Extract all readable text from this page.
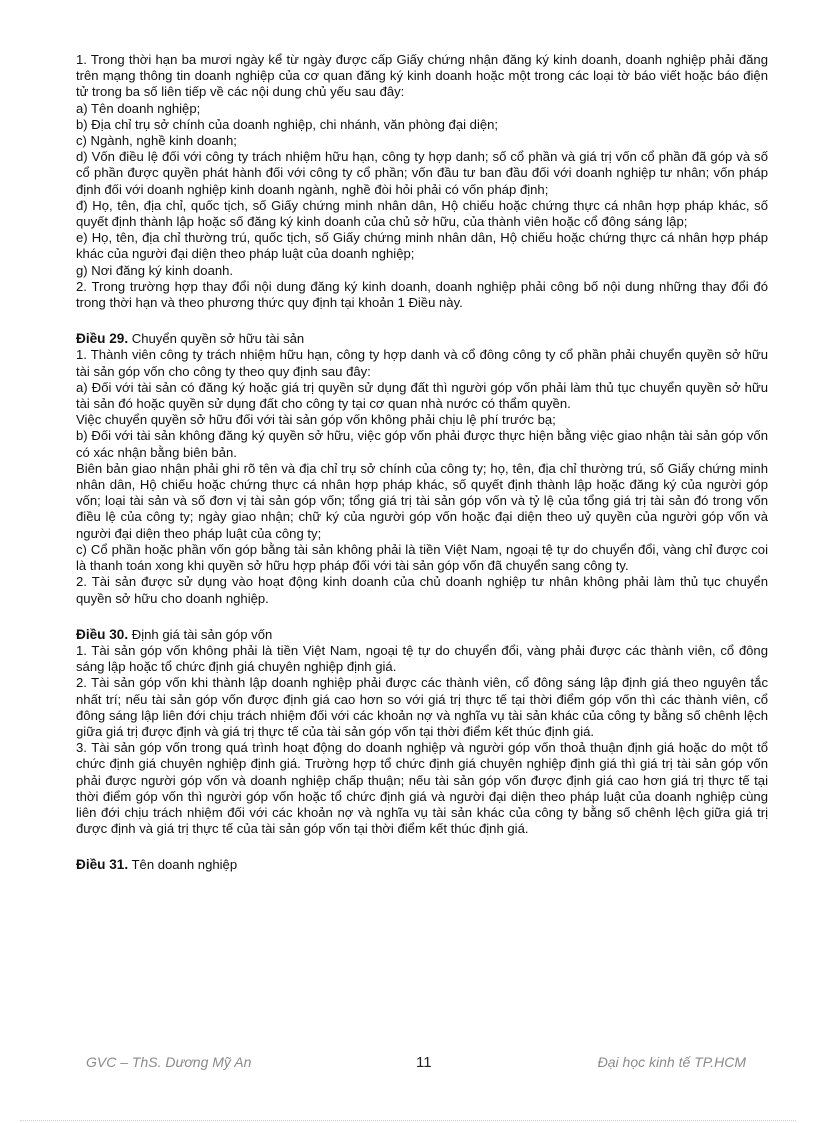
1. Trong thời hạn ba mươi ngày kể từ ngày được cấp Giấy chứng nhận đăng ký kinh doanh, doanh nghiệp phải đăng trên mạng thông tin doanh nghiệp của cơ quan đăng ký kinh doanh hoặc một trong các loại tờ báo viết hoặc báo điện tử trong ba số liên tiếp về các nội dung chủ yếu sau đây:

a) Tên doanh nghiệp;

b) Địa chỉ trụ sở chính của doanh nghiệp, chi nhánh, văn phòng đại diện;

c) Ngành, nghề kinh doanh;

d) Vốn điều lệ đối với công ty trách nhiệm hữu hạn, công ty hợp danh; số cổ phần và giá trị vốn cổ phần đã góp và số cổ phần được quyền phát hành đối với công ty cổ phần; vốn đầu tư ban đầu đối với doanh nghiệp tư nhân; vốn pháp định đối với doanh nghiệp kinh doanh ngành, nghề đòi hỏi phải có vốn pháp định;

đ) Họ, tên, địa chỉ, quốc tịch, số Giấy chứng minh nhân dân, Hộ chiếu hoặc chứng thực cá nhân hợp pháp khác, số quyết định thành lập hoặc số đăng ký kinh doanh của chủ sở hữu, của thành viên hoặc cổ đông sáng lập;

e) Họ, tên, địa chỉ thường trú, quốc tịch, số Giấy chứng minh nhân dân, Hộ chiếu hoặc chứng thực cá nhân hợp pháp khác của người đại diện theo pháp luật của doanh nghiệp;

g) Nơi đăng ký kinh doanh.

2. Trong trường hợp thay đổi nội dung đăng ký kinh doanh, doanh nghiệp phải công bố nội dung những thay đổi đó trong thời hạn và theo phương thức quy định tại khoản 1 Điều này.

Điều 29. Chuyển quyền sở hữu tài sản

1. Thành viên công ty trách nhiệm hữu hạn, công ty hợp danh và cổ đông công ty cổ phần phải chuyển quyền sở hữu tài sản góp vốn cho công ty theo quy định sau đây:

a) Đối với tài sản có đăng ký hoặc giá trị quyền sử dụng đất thì người góp vốn phải làm thủ tục chuyển quyền sở hữu tài sản đó hoặc quyền sử dụng đất cho công ty tại cơ quan nhà nước có thẩm quyền.

Việc chuyển quyền sở hữu đối với tài sản góp vốn không phải chịu lệ phí trước bạ;

b) Đối với tài sản không đăng ký quyền sở hữu, việc góp vốn phải được thực hiện bằng việc giao nhận tài sản góp vốn có xác nhận bằng biên bản.

Biên bản giao nhận phải ghi rõ tên và địa chỉ trụ sở chính của công ty; họ, tên, địa chỉ thường trú, số Giấy chứng minh nhân dân, Hộ chiếu hoặc chứng thực cá nhân hợp pháp khác, số quyết định thành lập hoặc đăng ký của người góp vốn; loại tài sản và số đơn vị tài sản góp vốn; tổng giá trị tài sản góp vốn và tỷ lệ của tổng giá trị tài sản đó trong vốn điều lệ của công ty; ngày giao nhận; chữ ký của người góp vốn hoặc đại diện theo uỷ quyền của người góp vốn và người đại diện theo pháp luật của công ty;

c) Cổ phần hoặc phần vốn góp bằng tài sản không phải là tiền Việt Nam, ngoại tệ tự do chuyển đổi, vàng chỉ được coi là thanh toán xong khi quyền sở hữu hợp pháp đối với tài sản góp vốn đã chuyển sang công ty.

2. Tài sản được sử dụng vào hoạt động kinh doanh của chủ doanh nghiệp tư nhân không phải làm thủ tục chuyển quyền sở hữu cho doanh nghiệp.

Điều 30. Định giá tài sản góp vốn

1. Tài sản góp vốn không phải là tiền Việt Nam, ngoại tệ tự do chuyển đổi, vàng phải được các thành viên, cổ đông sáng lập hoặc tổ chức định giá chuyên nghiệp định giá.

2. Tài sản góp vốn khi thành lập doanh nghiệp phải được các thành viên, cổ đông sáng lập định giá theo nguyên tắc nhất trí; nếu tài sản góp vốn được định giá cao hơn so với giá trị thực tế tại thời điểm góp vốn thì các thành viên, cổ đông sáng lập liên đới chịu trách nhiệm đối với các khoản nợ và nghĩa vụ tài sản khác của công ty bằng số chênh lệch giữa giá trị được định và giá trị thực tế của tài sản góp vốn tại thời điểm kết thúc định giá.

3. Tài sản góp vốn trong quá trình hoạt động do doanh nghiệp và người góp vốn thoả thuận định giá hoặc do một tổ chức định giá chuyên nghiệp định giá. Trường hợp tổ chức định giá chuyên nghiệp định giá thì giá trị tài sản góp vốn phải được người góp vốn và doanh nghiệp chấp thuận; nếu tài sản góp vốn được định giá cao hơn giá trị thực tế tại thời điểm góp vốn thì người góp vốn hoặc tổ chức định giá và người đại diện theo pháp luật của doanh nghiệp cùng liên đới chịu trách nhiệm đối với các khoản nợ và nghĩa vụ tài sản khác của công ty bằng số chênh lệch giữa giá trị được định và giá trị thực tế của tài sản góp vốn tại thời điểm kết thúc định giá.

Điều 31. Tên doanh nghiệp

GVC – ThS. Dương Mỹ An	11	Đại học kinh tế TP.HCM
